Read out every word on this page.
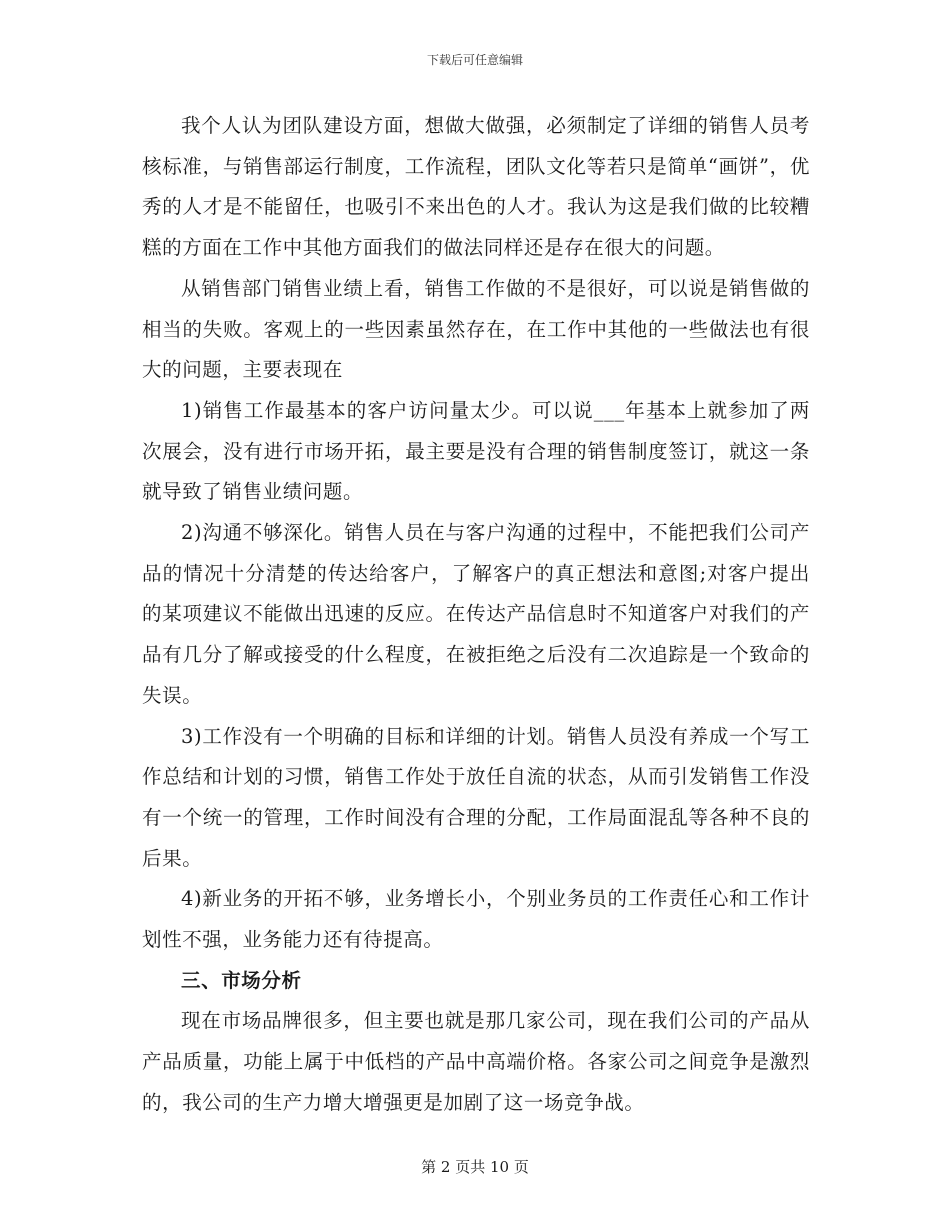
下载后可任意编辑

我个人认为团队建设方面，想做大做强，必须制定了详细的销售人员考核标准，与销售部运行制度，工作流程，团队文化等若只是简单“画饼”，优秀的人才是不能留任，也吸引不来出色的人才。我认为这是我们做的比较糟糕的方面在工作中其他方面我们的做法同样还是存在很大的问题。

从销售部门销售业绩上看，销售工作做的不是很好，可以说是销售做的相当的失败。客观上的一些因素虽然存在，在工作中其他的一些做法也有很大的问题，主要表现在

1)销售工作最基本的客户访问量太少。可以说___年基本上就参加了两次展会，没有进行市场开拓，最主要是没有合理的销售制度签订，就这一条就导致了销售业绩问题。

2)沟通不够深化。销售人员在与客户沟通的过程中，不能把我们公司产品的情况十分清楚的传达给客户，了解客户的真正想法和意图;对客户提出的某项建议不能做出迅速的反应。在传达产品信息时不知道客户对我们的产品有几分了解或接受的什么程度，在被拒绝之后没有二次追踪是一个致命的失误。

3)工作没有一个明确的目标和详细的计划。销售人员没有养成一个写工作总结和计划的习惯，销售工作处于放任自流的状态，从而引发销售工作没有一个统一的管理，工作时间没有合理的分配，工作局面混乱等各种不良的后果。

4)新业务的开拓不够，业务增长小，个别业务员的工作责任心和工作计划性不强，业务能力还有待提高。

三、市场分析

现在市场品牌很多，但主要也就是那几家公司，现在我们公司的产品从产品质量，功能上属于中低档的产品中高端价格。各家公司之间竞争是激烈的，我公司的生产力增大增强更是加剧了这一场竞争战。

第 2 页共 10 页
